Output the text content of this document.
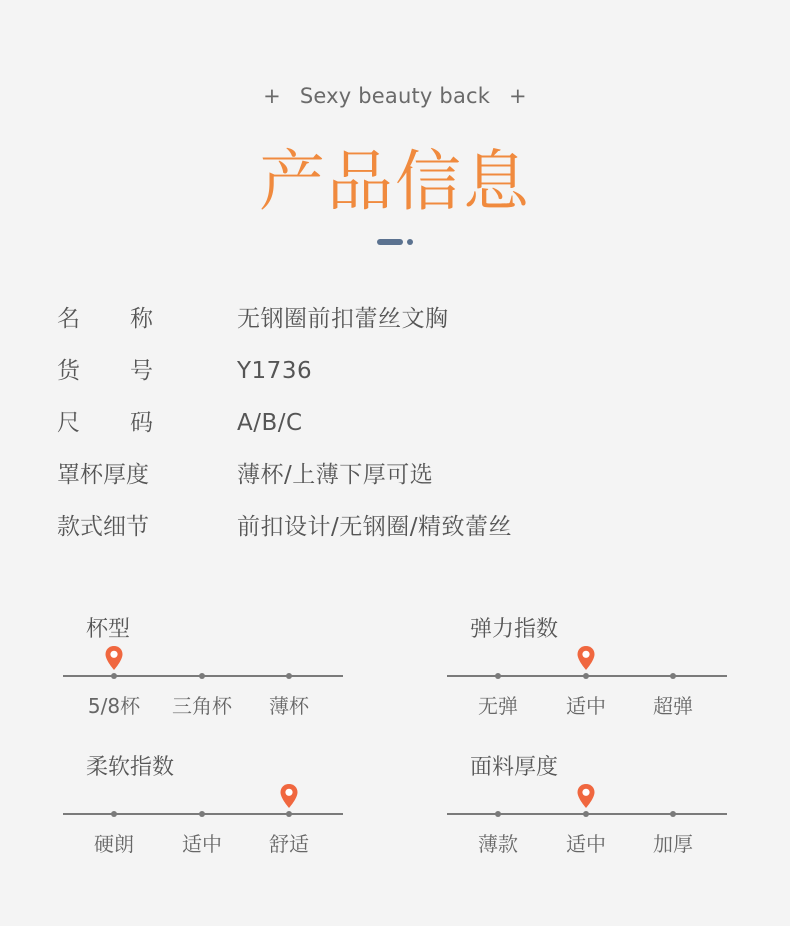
+ Sexy beauty back +
产品信息
名称	无钢圈前扣蕾丝文胸
货号	Y1736
尺码	A/B/C
罩杯厚度	薄杯/上薄下厚可选
款式细节	前扣设计/无钢圈/精致蕾丝
杯型
5/8杯	三角杯	薄杯
弹力指数
无弹	适中	超弹
柔软指数
硬朗	适中	舒适
面料厚度
薄款	适中	加厚
